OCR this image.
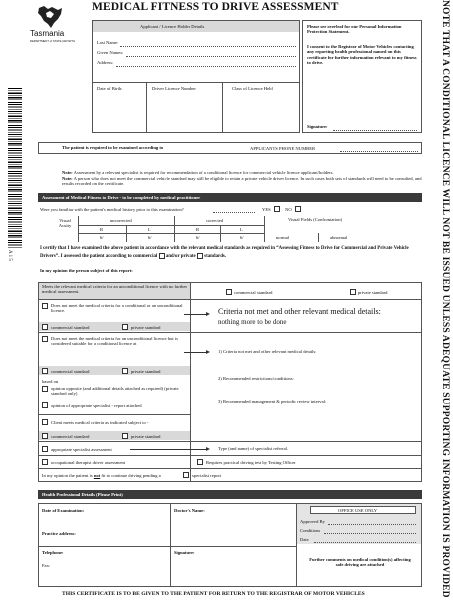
NOTE THAT A CONDITIONAL LICENCE WILL NOT BE ISSUED UNLESS ADEQUATE SUPPORTING INFORMATION IS PROVIDED
A 1 5
Tasmania
DEPARTMENT of STATE GROWTH
MEDICAL FITNESS TO DRIVE ASSESSMENT
Applicant / Licence Holder Details
Last Name:
Given Names:
Address:
Date of Birth:	Driver Licence Number	Class of Licence Held
Please see overleaf for our Personal Information Protection Statement.
I consent to the Registrar of Motor Vehicles contacting any reporting health professional named on this certificate for further information relevant to my fitness to drive.
Signature:
The patient is required to be examined according to	APPLICANTS PHONE NUMBER
Note: Assessment by a relevant specialist is required for recommendation of a conditional licence for commercial vehicle licence applicant/holders.
Note: A person who does not meet the commercial vehicle standard may still be eligible to retain a private vehicle driver licence. In such cases both sets of standards will need to be consulted, and results recorded on the certificate.
Assessment of Medical Fitness to Drive - to be completed by medical practitioner
Were you familiar with the patient's medical history prior to this examination?	YES	NO
Visual Acuity
uncorrected	corrected	Visual Fields (Confrontation)
R	L	R	L
6/	6/	6/	6/	normal	abnormal
I certify that I have examined the above patient in accordance with the relevant medical standards as required in “Assessing Fitness to Drive for Commercial and Private Vehicle Drivers”. I assessed the patient according to commercial and/or private standards.
In my opinion the person subject of this report:
Meets the relevant medical criteria for an unconditional licence with no further medical assessment.	commercial standard	private standard
Does not meet the medical criteria for a conditional or an unconditional licence.
commercial standard	private standard
Criteria not met and other relevant medical details:
nothing more to be done
Does not meet the medical criteria for an unconditional licence but is considered suitable for a conditional licence at
1) Criteria not met and other relevant medical details:
commercial standard	private standard
based on
opinion opposite (and additional details attached as required) (private standard only)
opinion of appropriate specialist - report attached
2) Recommended restrictions/conditions:
3) Recommended management & periodic review interval:
Client meets medical criteria as indicated subject to -
commercial standard	private standard
appropriate specialist assessment	Type (and name) of specialist referral.
occupational therapist driver assessment	Requires practical driving test by Testing Officer
In my opinion the patient is not fit to continue driving pending a	specialist report
Health Professional Details (Please Print)
Date of Examination:	Doctor's Name:
Practice address:
Telephone:
Fax:
Signature:
OFFICE USE ONLY
Approved By
Conditions
Date
Further comments on medical condition(s) affecting safe driving are attached
THIS CERTIFICATE IS TO BE GIVEN TO THE PATIENT FOR RETURN TO THE REGISTRAR OF MOTOR VEHICLES
